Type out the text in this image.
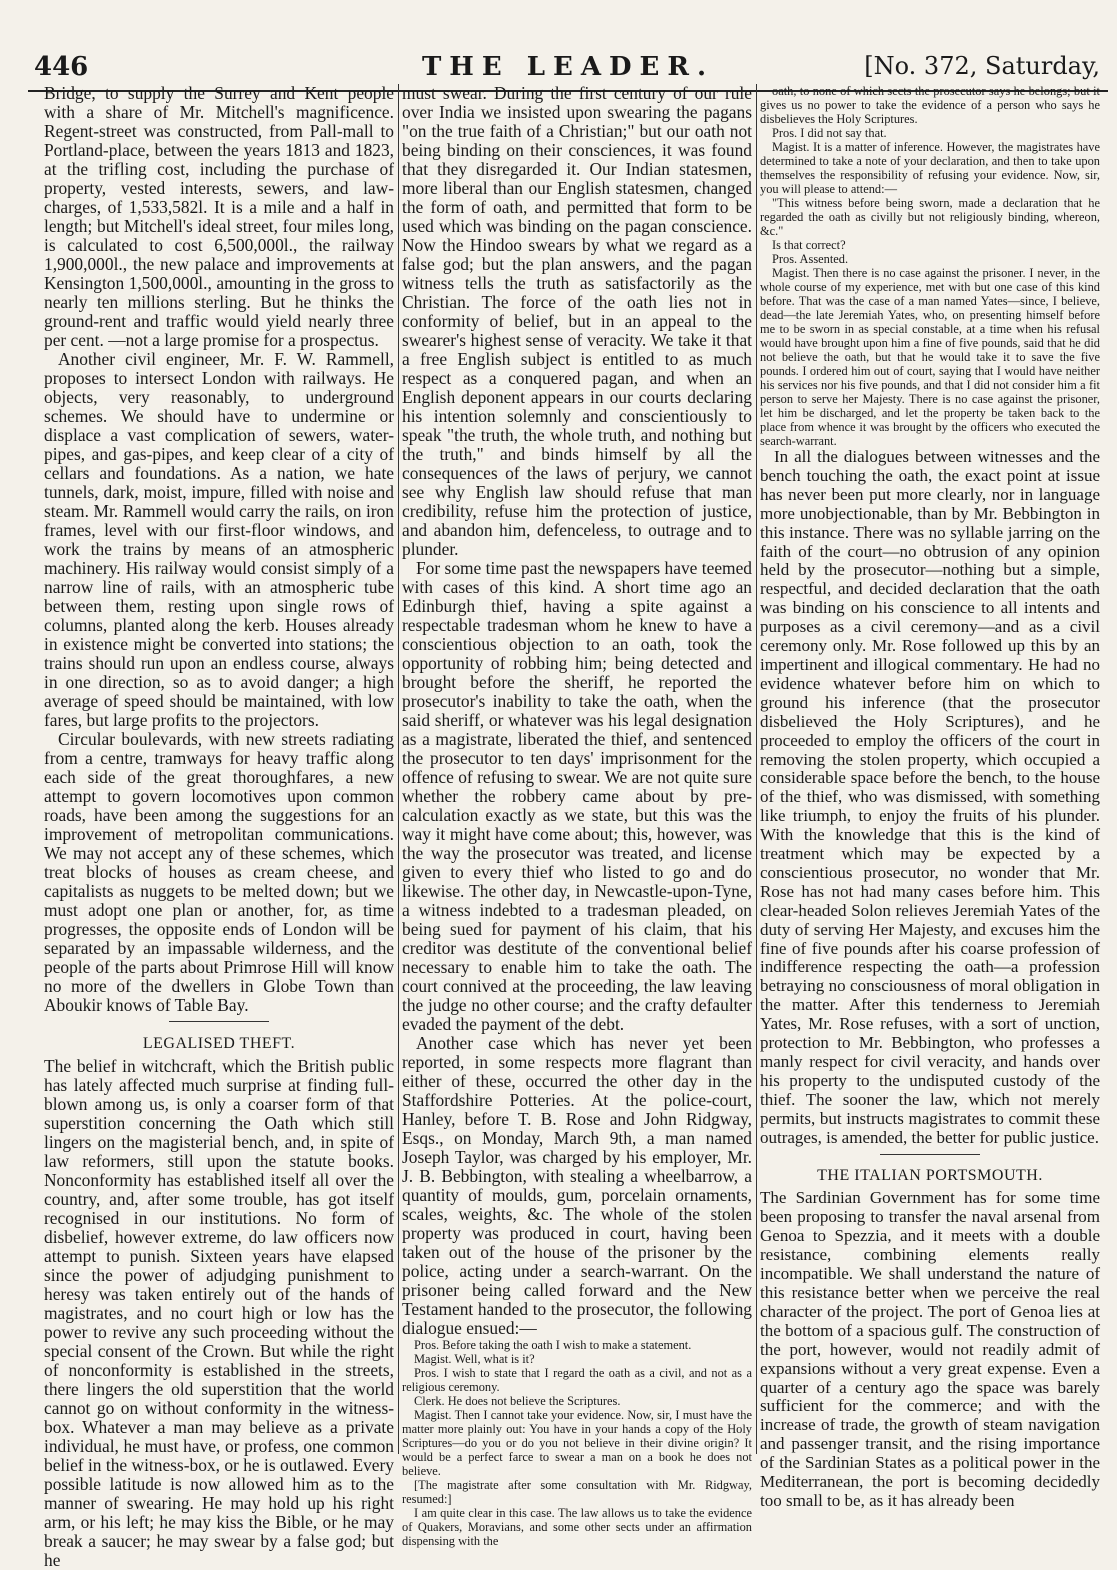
446	THE LEADER.	[No. 372, Saturday,

Bridge, to supply the Surrey and Kent people with a share of Mr. Mitchell's magnificence. Regent-street was constructed, from Pall-mall to Portland-place, between the years 1813 and 1823, at the trifling cost, including the purchase of property, vested interests, sewers, and law-charges, of 1,533,582l. It is a mile and a half in length; but Mitchell's ideal street, four miles long, is calculated to cost 6,500,000l., the railway 1,900,000l., the new palace and improvements at Kensington 1,500,000l., amounting in the gross to nearly ten millions sterling. But he thinks the ground-rent and traffic would yield nearly three per cent. —not a large promise for a prospectus.

Another civil engineer, Mr. F. W. Rammell, proposes to intersect London with railways. He objects, very reasonably, to underground schemes. We should have to undermine or displace a vast complication of sewers, water-pipes, and gas-pipes, and keep clear of a city of cellars and foundations. As a nation, we hate tunnels, dark, moist, impure, filled with noise and steam. Mr. Rammell would carry the rails, on iron frames, level with our first-floor windows, and work the trains by means of an atmospheric machinery. His railway would consist simply of a narrow line of rails, with an atmospheric tube between them, resting upon single rows of columns, planted along the kerb. Houses already in existence might be converted into stations; the trains should run upon an endless course, always in one direction, so as to avoid danger; a high average of speed should be maintained, with low fares, but large profits to the projectors.

Circular boulevards, with new streets radiating from a centre, tramways for heavy traffic along each side of the great thoroughfares, a new attempt to govern locomotives upon common roads, have been among the suggestions for an improvement of metropolitan communications. We may not accept any of these schemes, which treat blocks of houses as cream cheese, and capitalists as nuggets to be melted down; but we must adopt one plan or another, for, as time progresses, the opposite ends of London will be separated by an impassable wilderness, and the people of the parts about Primrose Hill will know no more of the dwellers in Globe Town than Aboukir knows of Table Bay.

LEGALISED THEFT.

The belief in witchcraft, which the British public has lately affected much surprise at finding full-blown among us, is only a coarser form of that superstition concerning the Oath which still lingers on the magisterial bench, and, in spite of law reformers, still upon the statute books. Nonconformity has established itself all over the country, and, after some trouble, has got itself recognised in our institutions. No form of disbelief, however extreme, do law officers now attempt to punish. Sixteen years have elapsed since the power of adjudging punishment to heresy was taken entirely out of the hands of magistrates, and no court high or low has the power to revive any such proceeding without the special consent of the Crown. But while the right of nonconformity is established in the streets, there lingers the old superstition that the world cannot go on without conformity in the witness-box. Whatever a man may believe as a private individual, he must have, or profess, one common belief in the witness-box, or he is outlawed. Every possible latitude is now allowed him as to the manner of swearing. He may hold up his right arm, or his left; he may kiss the Bible, or he may break a saucer; he may swear by a false god; but he

must swear. During the first century of our rule over India we insisted upon swearing the pagans "on the true faith of a Christian;" but our oath not being binding on their consciences, it was found that they disregarded it. Our Indian statesmen, more liberal than our English statesmen, changed the form of oath, and permitted that form to be used which was binding on the pagan conscience. Now the Hindoo swears by what we regard as a false god; but the plan answers, and the pagan witness tells the truth as satisfactorily as the Christian. The force of the oath lies not in conformity of belief, but in an appeal to the swearer's highest sense of veracity. We take it that a free English subject is entitled to as much respect as a conquered pagan, and when an English deponent appears in our courts declaring his intention solemnly and conscientiously to speak "the truth, the whole truth, and nothing but the truth," and binds himself by all the consequences of the laws of perjury, we cannot see why English law should refuse that man credibility, refuse him the protection of justice, and abandon him, defenceless, to outrage and to plunder.

For some time past the newspapers have teemed with cases of this kind. A short time ago an Edinburgh thief, having a spite against a respectable tradesman whom he knew to have a conscientious objection to an oath, took the opportunity of robbing him; being detected and brought before the sheriff, he reported the prosecutor's inability to take the oath, when the said sheriff, or whatever was his legal designation as a magistrate, liberated the thief, and sentenced the prosecutor to ten days' imprisonment for the offence of refusing to swear. We are not quite sure whether the robbery came about by pre-calculation exactly as we state, but this was the way it might have come about; this, however, was the way the prosecutor was treated, and license given to every thief who listed to go and do likewise. The other day, in Newcastle-upon-Tyne, a witness indebted to a tradesman pleaded, on being sued for payment of his claim, that his creditor was destitute of the conventional belief necessary to enable him to take the oath. The court connived at the proceeding, the law leaving the judge no other course; and the crafty defaulter evaded the payment of the debt.

Another case which has never yet been reported, in some respects more flagrant than either of these, occurred the other day in the Staffordshire Potteries. At the police-court, Hanley, before T. B. Rose and John Ridgway, Esqs., on Monday, March 9th, a man named Joseph Taylor, was charged by his employer, Mr. J. B. Bebbington, with stealing a wheelbarrow, a quantity of moulds, gum, porcelain ornaments, scales, weights, &c. The whole of the stolen property was produced in court, having been taken out of the house of the prisoner by the police, acting under a search-warrant. On the prisoner being called forward and the New Testament handed to the prosecutor, the following dialogue ensued:—

Pros. Before taking the oath I wish to make a statement.

Magist. Well, what is it?

Pros. I wish to state that I regard the oath as a civil, and not as a religious ceremony.

Clerk. He does not believe the Scriptures.

Magist. Then I cannot take your evidence. Now, sir, I must have the matter more plainly out: You have in your hands a copy of the Holy Scriptures—do you or do you not believe in their divine origin? It would be a perfect farce to swear a man on a book he does not believe.

[The magistrate after some consultation with Mr. Ridgway, resumed:]

I am quite clear in this case. The law allows us to take the evidence of Quakers, Moravians, and some other sects under an affirmation dispensing with the

oath, to none of which sects the prosecutor says he belongs; but it gives us no power to take the evidence of a person who says he disbelieves the Holy Scriptures.

Pros. I did not say that.

Magist. It is a matter of inference. However, the magistrates have determined to take a note of your declaration, and then to take upon themselves the responsibility of refusing your evidence. Now, sir, you will please to attend:—

"This witness before being sworn, made a declaration that he regarded the oath as civilly but not religiously binding, whereon, &c."

Is that correct?

Pros. Assented.

Magist. Then there is no case against the prisoner. I never, in the whole course of my experience, met with but one case of this kind before. That was the case of a man named Yates—since, I believe, dead—the late Jeremiah Yates, who, on presenting himself before me to be sworn in as special constable, at a time when his refusal would have brought upon him a fine of five pounds, said that he did not believe the oath, but that he would take it to save the five pounds. I ordered him out of court, saying that I would have neither his services nor his five pounds, and that I did not consider him a fit person to serve her Majesty. There is no case against the prisoner, let him be discharged, and let the property be taken back to the place from whence it was brought by the officers who executed the search-warrant.

In all the dialogues between witnesses and the bench touching the oath, the exact point at issue has never been put more clearly, nor in language more unobjectionable, than by Mr. Bebbington in this instance. There was no syllable jarring on the faith of the court—no obtrusion of any opinion held by the prosecutor—nothing but a simple, respectful, and decided declaration that the oath was binding on his conscience to all intents and purposes as a civil ceremony—and as a civil ceremony only. Mr. Rose followed up this by an impertinent and illogical commentary. He had no evidence whatever before him on which to ground his inference (that the prosecutor disbelieved the Holy Scriptures), and he proceeded to employ the officers of the court in removing the stolen property, which occupied a considerable space before the bench, to the house of the thief, who was dismissed, with something like triumph, to enjoy the fruits of his plunder. With the knowledge that this is the kind of treatment which may be expected by a conscientious prosecutor, no wonder that Mr. Rose has not had many cases before him. This clear-headed Solon relieves Jeremiah Yates of the duty of serving Her Majesty, and excuses him the fine of five pounds after his coarse profession of indifference respecting the oath—a profession betraying no consciousness of moral obligation in the matter. After this tenderness to Jeremiah Yates, Mr. Rose refuses, with a sort of unction, protection to Mr. Bebbington, who professes a manly respect for civil veracity, and hands over his property to the undisputed custody of the thief. The sooner the law, which not merely permits, but instructs magistrates to commit these outrages, is amended, the better for public justice.

THE ITALIAN PORTSMOUTH.

The Sardinian Government has for some time been proposing to transfer the naval arsenal from Genoa to Spezzia, and it meets with a double resistance, combining elements really incompatible. We shall understand the nature of this resistance better when we perceive the real character of the project. The port of Genoa lies at the bottom of a spacious gulf. The construction of the port, however, would not readily admit of expansions without a very great expense. Even a quarter of a century ago the space was barely sufficient for the commerce; and with the increase of trade, the growth of steam navigation and passenger transit, and the rising importance of the Sardinian States as a political power in the Mediterranean, the port is becoming decidedly too small to be, as it has already been
